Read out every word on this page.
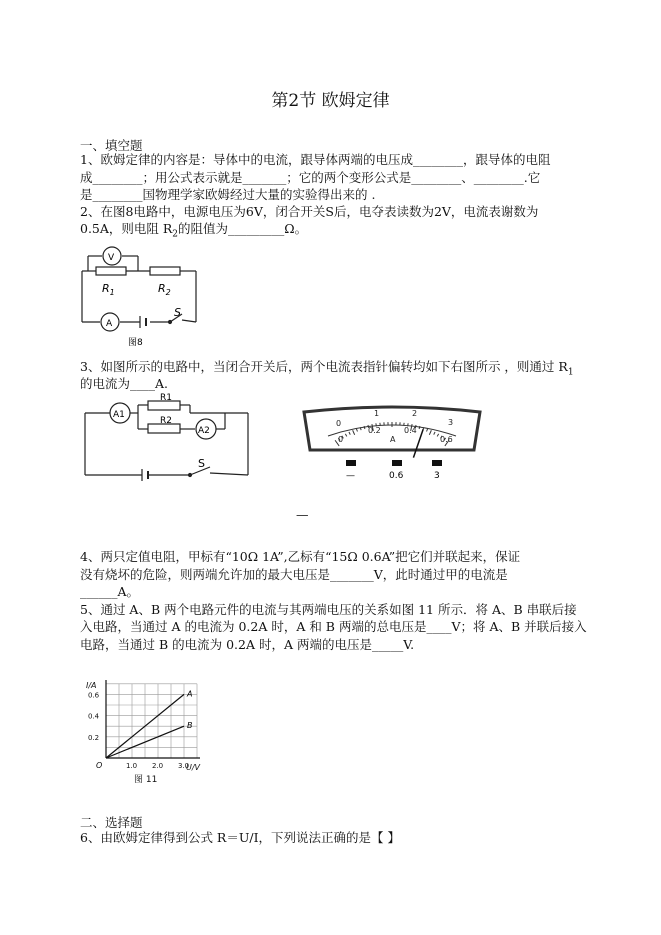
第2节 欧姆定律
一、填空题
1、欧姆定律的内容是：导体中的电流，跟导体两端的电压成________，跟导体的电阻
成________；用公式表示就是_______；它的两个变形公式是________、________.它
是________国物理学家欧姆经过大量的实验得出来的 .
2、在图8电路中，电源电压为6V，闭合开关S后，电夺表读数为2V，电流表谢数为
0.5A，则电阻 $R_2$的阻值为_________Ω。
V
A
$R_1$	$R_2$
S
图8
3、如图所示的电路中，当闭合开关后，两个电流表指针偏转均如下右图所示 ，则通过 $R_1$
的电流为____A.
A1
A2
R1
R2
S
0
1	2
3
0
0.2	0.4
0.6
A
—	0.6	3
—
4、两只定值电阻，甲标有“10Ω 1A”,乙标有“15Ω 0.6A”把它们并联起来，保证
没有烧坏的危险，则两端允许加的最大电压是_______V，此时通过甲的电流是
______A。
5、通过 A、B 两个电路元件的电流与其两端电压的关系如图 11 所示．将 A、B 串联后接
入电路，当通过 A 的电流为 0.2A 时，A 和 B 两端的总电压是____V；将 A、B 并联后接入
电路，当通过 B 的电流为 0.2A 时，A 两端的电压是_____V.
A
B
I/A
U/V
O
0.2
0.4
0.6
1.0 2.0 3.0
图 11
二、选择题
6、由欧姆定律得到公式 R＝U/I，下列说法正确的是【 】
